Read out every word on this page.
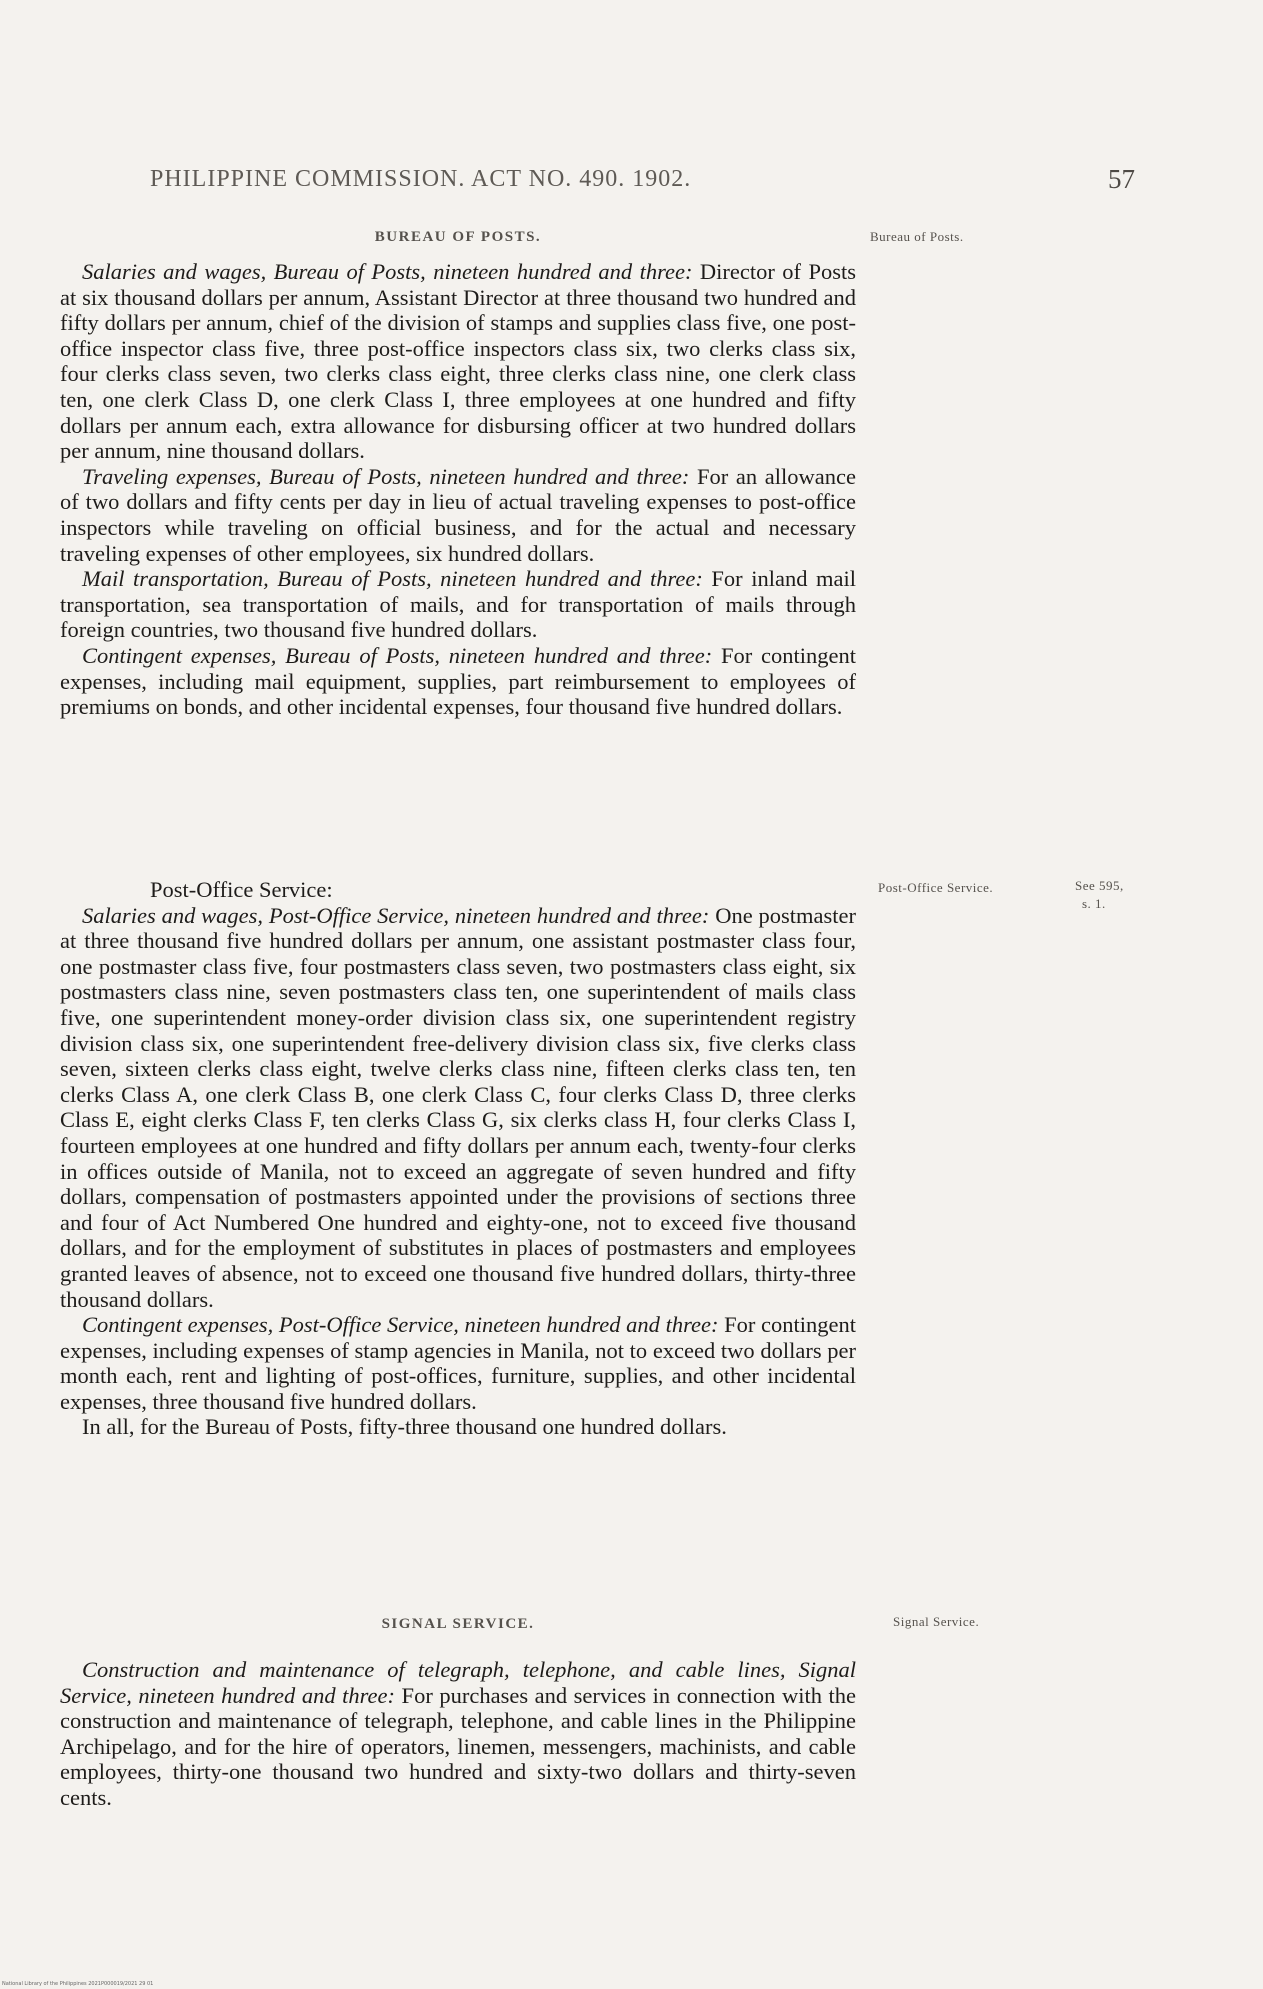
PHILIPPINE COMMISSION. ACT NO. 490. 1902.	57
Bureau of Posts.
Post-Office Service.	See 595,
s. 1.
Signal Service.
BUREAU OF POSTS.

Salaries and wages, Bureau of Posts, nineteen hundred and three: Director of Posts at six thousand dollars per annum, Assistant Director at three thousand two hundred and fifty dollars per annum, chief of the division of stamps and supplies class five, one post-office inspector class five, three post-office inspectors class six, two clerks class six, four clerks class seven, two clerks class eight, three clerks class nine, one clerk class ten, one clerk Class D, one clerk Class I, three employees at one hundred and fifty dollars per annum each, extra allowance for disbursing officer at two hundred dollars per annum, nine thousand dollars.

Traveling expenses, Bureau of Posts, nineteen hundred and three: For an allowance of two dollars and fifty cents per day in lieu of actual traveling expenses to post-office inspectors while traveling on official business, and for the actual and necessary traveling expenses of other employees, six hundred dollars.

Mail transportation, Bureau of Posts, nineteen hundred and three: For inland mail transportation, sea transportation of mails, and for transportation of mails through foreign countries, two thousand five hundred dollars.

Contingent expenses, Bureau of Posts, nineteen hundred and three: For contingent expenses, including mail equipment, supplies, part reimbursement to employees of premiums on bonds, and other incidental expenses, four thousand five hundred dollars.

Post-Office Service:

Salaries and wages, Post-Office Service, nineteen hundred and three: One postmaster at three thousand five hundred dollars per annum, one assistant postmaster class four, one postmaster class five, four postmasters class seven, two postmasters class eight, six postmasters class nine, seven postmasters class ten, one superintendent of mails class five, one superintendent money-order division class six, one superintendent registry division class six, one superintendent free-delivery division class six, five clerks class seven, sixteen clerks class eight, twelve clerks class nine, fifteen clerks class ten, ten clerks Class A, one clerk Class B, one clerk Class C, four clerks Class D, three clerks Class E, eight clerks Class F, ten clerks Class G, six clerks class H, four clerks Class I, fourteen employees at one hundred and fifty dollars per annum each, twenty-four clerks in offices outside of Manila, not to exceed an aggregate of seven hundred and fifty dollars, compensation of postmasters appointed under the provisions of sections three and four of Act Numbered One hundred and eighty-one, not to exceed five thousand dollars, and for the employment of substitutes in places of postmasters and employees granted leaves of absence, not to exceed one thousand five hundred dollars, thirty-three thousand dollars.

Contingent expenses, Post-Office Service, nineteen hundred and three: For contingent expenses, including expenses of stamp agencies in Manila, not to exceed two dollars per month each, rent and lighting of post-offices, furniture, supplies, and other incidental expenses, three thousand five hundred dollars.

In all, for the Bureau of Posts, fifty-three thousand one hundred dollars.

SIGNAL SERVICE.

Construction and maintenance of telegraph, telephone, and cable lines, Signal Service, nineteen hundred and three: For purchases and services in connection with the construction and maintenance of telegraph, telephone, and cable lines in the Philippine Archipelago, and for the hire of operators, linemen, messengers, machinists, and cable employees, thirty-one thousand two hundred and sixty-two dollars and thirty-seven cents.

National Library of the Philippines 2021P000019/2021 29 01
